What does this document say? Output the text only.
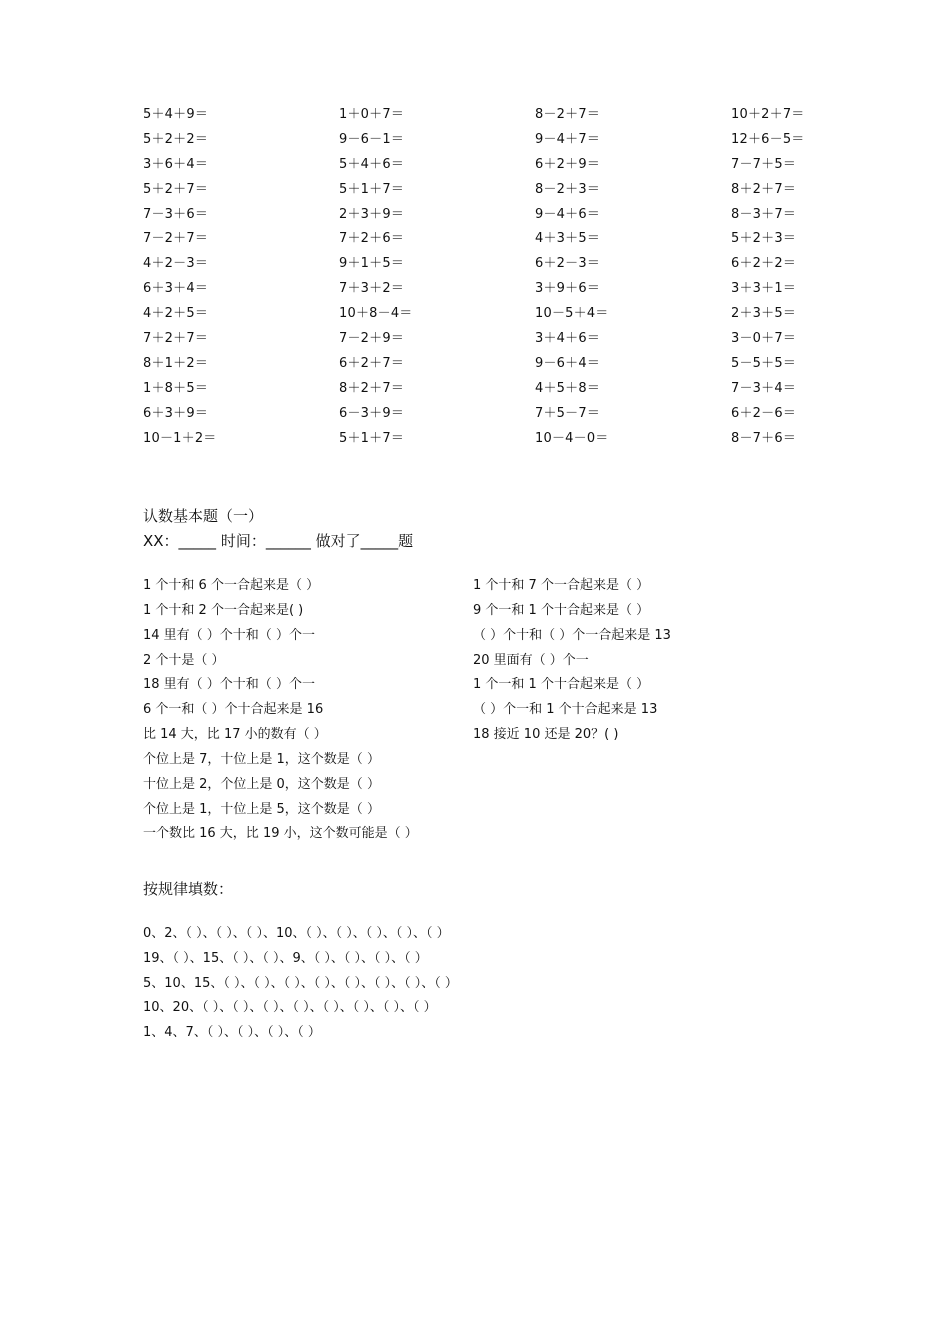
5＋4＋9＝	1＋0＋7＝	8－2＋7＝	10＋2＋7＝
5＋2＋2＝	9－6－1＝	9－4＋7＝	12＋6－5＝
3＋6＋4＝	5＋4＋6＝	6＋2＋9＝	7－7＋5＝
5＋2＋7＝	5＋1＋7＝	8－2＋3＝	8＋2＋7＝
7－3＋6＝	2＋3＋9＝	9－4＋6＝	8－3＋7＝
7－2＋7＝	7＋2＋6＝	4＋3＋5＝	5＋2＋3＝
4＋2－3＝	9＋1＋5＝	6＋2－3＝	6＋2＋2＝
6＋3＋4＝	7＋3＋2＝	3＋9＋6＝	3＋3＋1＝
4＋2＋5＝	10＋8－4＝	10－5＋4＝	2＋3＋5＝
7＋2＋7＝	7－2＋9＝	3＋4＋6＝	3－0＋7＝
8＋1＋2＝	6＋2＋7＝	9－6＋4＝	5－5＋5＝
1＋8＋5＝	8＋2＋7＝	4＋5＋8＝	7－3＋4＝
6＋3＋9＝	6－3＋9＝	7＋5－7＝	6＋2－6＝
10－1＋2＝	5＋1＋7＝	10－4－0＝	8－7＋6＝
认数基本题（一）
XX：_____ 时间：______ 做对了_____题
1 个十和 6 个一合起来是（ ）	1 个十和 7 个一合起来是（ ）
1 个十和 2 个一合起来是( )	9 个一和 1 个十合起来是（ ）
14 里有（ ）个十和（ ）个一	（ ）个十和（ ）个一合起来是 13
2 个十是（ ）	20 里面有（ ）个一
18 里有（ ）个十和（ ）个一	1 个一和 1 个十合起来是（ ）
6 个一和（ ）个十合起来是 16	（ ）个一和 1 个十合起来是 13
比 14 大，比 17 小的数有（ ）	18 接近 10 还是 20？( )
个位上是 7，十位上是 1，这个数是（ ）
十位上是 2，个位上是 0，这个数是（ ）
个位上是 1，十位上是 5，这个数是（ ）
一个数比 16 大，比 19 小，这个数可能是（ ）
按规律填数：
0、2、（ ）、（ ）、（ ）、10、（ ）、（ ）、（ ）、（ ）、（ ）
19、（ ）、15、（ ）、（ ）、9、（ ）、（ ）、（ ）、（ ）
5、10、15、（ ）、（ ）、（ ）、（ ）、（ ）、（ ）、（ ）、（ ）
10、20、（ ）、（ ）、（ ）、（ ）、（ ）、（ ）、（ ）、（ ）
1、4、7、（ ）、（ ）、（ ）、（ ）
